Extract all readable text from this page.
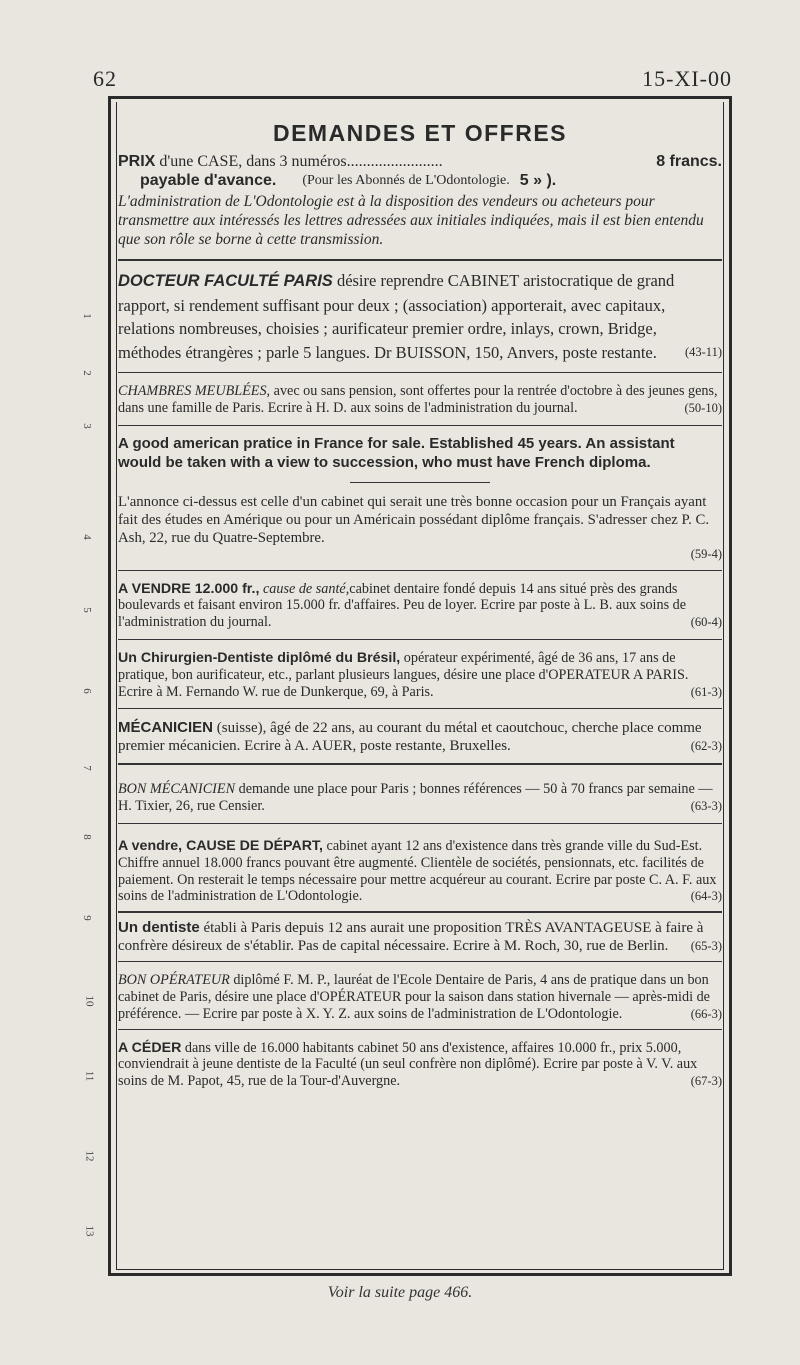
62	15-XI-00
1
2
3
4
5
6
7
8
9
10
11
12
13
DEMANDES ET OFFRES
PRIX
d'une CASE, dans 3 numéros ........................	8 francs.
payable d'avance. (Pour les Abonnés de L'Odontologie. 5 » ).
L'administration de L'Odontologie est à la disposition des vendeurs ou acheteurs pour transmettre aux intéressés les lettres adressées aux initiales indiquées, mais il est bien entendu que son rôle se borne à cette transmission.
DOCTEUR FACULTÉ PARIS désire reprendre CABINET aristocratique de grand rapport, si rendement suffisant pour deux ; (association) apporterait, avec capitaux, relations nombreuses, choisies ; aurificateur premier ordre, inlays, crown, Bridge, méthodes étrangères ; parle 5 langues. Dr BUISSON, 150, Anvers, poste restante. (43-11)
CHAMBRES MEUBLÉES, avec ou sans pension, sont offertes pour la rentrée d'octobre à des jeunes gens, dans une famille de Paris. Ecrire à H. D. aux soins de l'administration du journal.	(50-10)
A good american pratice in France for sale. Established 45 years. An assistant would be taken with a view to succession, who must have French diploma.
L'annonce ci-dessus est celle d'un cabinet qui serait une très bonne occasion pour un Français ayant fait des études en Amérique ou pour un Américain possédant diplôme français. S'adresser chez P. C. Ash, 22, rue du Quatre-Septembre.
(59-4)
A VENDRE 12.000 fr., cause de santé,cabinet dentaire fondé depuis 14 ans situé près des grands boulevards et faisant environ 15.000 fr. d'affaires. Peu de loyer. Ecrire par poste à L. B. aux soins de l'administration du journal.	(60-4)
Un Chirurgien-Dentiste diplômé du Brésil, opérateur expérimenté, âgé de 36 ans, 17 ans de pratique, bon aurificateur, etc., parlant plusieurs langues, désire une place d'OPERATEUR A PARIS. Ecrire à M. Fernando W. rue de Dunkerque, 69, à Paris.	(61-3)
MÉCANICIEN (suisse), âgé de 22 ans, au courant du métal et caoutchouc, cherche place comme premier mécanicien. Ecrire à A. AUER, poste restante, Bruxelles.	(62-3)
BON MÉCANICIEN demande une place pour Paris ; bonnes références — 50 à 70 francs par semaine — H. Tixier, 26, rue Censier.	(63-3)
A vendre, CAUSE DE DÉPART, cabinet ayant 12 ans d'existence dans très grande ville du Sud-Est. Chiffre annuel 18.000 francs pouvant être augmenté. Clientèle de sociétés, pensionnats, etc. facilités de paiement. On resterait le temps nécessaire pour mettre acquéreur au courant. Ecrire par poste C. A. F. aux soins de l'administration de L'Odontologie.	(64-3)
Un dentiste établi à Paris depuis 12 ans aurait une proposition TRÈS AVANTAGEUSE à faire à confrère désireux de s'établir. Pas de capital nécessaire. Ecrire à M. Roch, 30, rue de Berlin. (65-3)
BON OPÉRATEUR diplômé F. M. P., lauréat de l'Ecole Dentaire de Paris, 4 ans de pratique dans un bon cabinet de Paris, désire une place d'OPÉRATEUR pour la saison dans station hivernale — après-midi de préférence. — Ecrire par poste à X. Y. Z. aux soins de l'administration de L'Odontologie.	(66-3)
A CÉDER dans ville de 16.000 habitants cabinet 50 ans d'existence, affaires 10.000 fr., prix 5.000, conviendrait à jeune dentiste de la Faculté (un seul confrère non diplômé). Ecrire par poste à V. V. aux soins de M. Papot, 45, rue de la Tour-d'Auvergne.	(67-3)
Voir la suite page 466.
